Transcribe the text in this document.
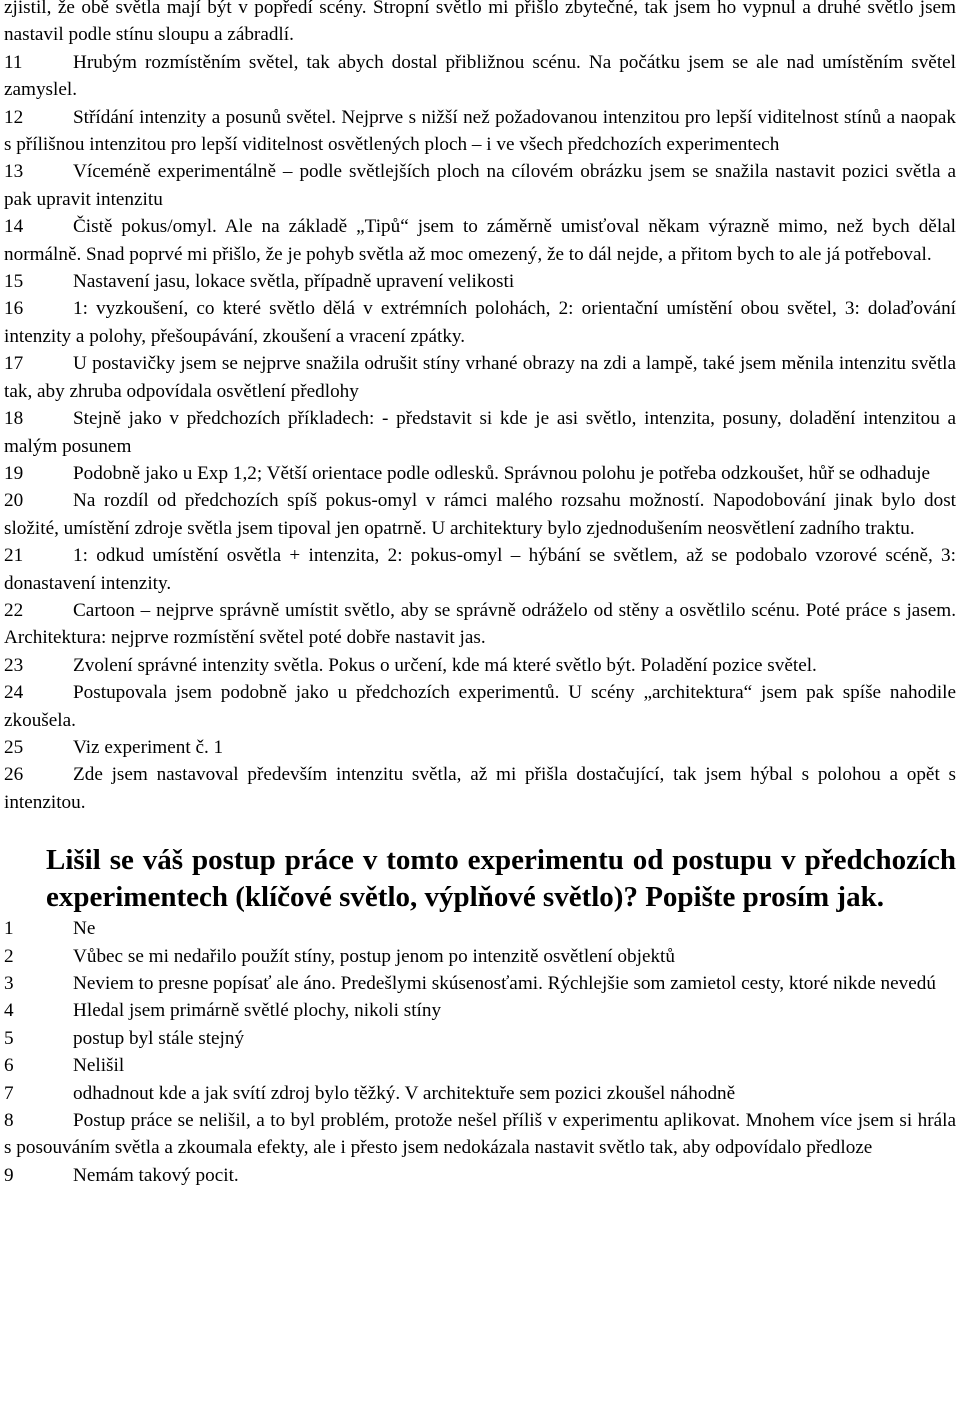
zjistil, že obě světla mají být v popředí scény. Stropní světlo mi přišlo zbytečné, tak jsem ho vypnul a druhé světlo jsem nastavil podle stínu sloupu a zábradlí.

11	Hrubým rozmístěním světel, tak abych dostal přibližnou scénu. Na počátku jsem se ale nad umístěním světel zamyslel.

12	Střídání intenzity a posunů světel. Nejprve s nižší než požadovanou intenzitou pro lepší viditelnost stínů a naopak s přílišnou intenzitou pro lepší viditelnost osvětlených ploch – i ve všech předchozích experimentech

13	Víceméně experimentálně – podle světlejších ploch na cílovém obrázku jsem se snažila nastavit pozici světla a pak upravit intenzitu

14	Čistě pokus/omyl. Ale na základě „Tipů“ jsem to záměrně umisťoval někam výrazně mimo, než bych dělal normálně. Snad poprvé mi přišlo, že je pohyb světla až moc omezený, že to dál nejde, a přitom bych to ale já potřeboval.

15	Nastavení jasu, lokace světla, případně upravení velikosti

16	1: vyzkoušení, co které světlo dělá v extrémních polohách, 2: orientační umístění obou světel, 3: dolaďování intenzity a polohy, přešoupávání, zkoušení a vracení zpátky.

17	U postavičky jsem se nejprve snažila odrušit stíny vrhané obrazy na zdi a lampě, také jsem měnila intenzitu světla tak, aby zhruba odpovídala osvětlení předlohy

18	Stejně jako v předchozích příkladech: - představit si kde je asi světlo, intenzita, posuny, doladění intenzitou a malým posunem

19	Podobně jako u Exp 1,2; Větší orientace podle odlesků. Správnou polohu je potřeba odzkoušet, hůř se odhaduje

20	Na rozdíl od předchozích spíš pokus-omyl v rámci malého rozsahu možností. Napodobování jinak bylo dost složité, umístění zdroje světla jsem tipoval jen opatrně. U architektury bylo zjednodušením neosvětlení zadního traktu.

21	1: odkud umístění osvětla + intenzita, 2: pokus-omyl – hýbání se světlem, až se podobalo vzorové scéně, 3: donastavení intenzity.

22	Cartoon – nejprve správně umístit světlo, aby se správně odráželo od stěny a osvětlilo scénu. Poté práce s jasem. Architektura: nejprve rozmístění světel poté dobře nastavit jas.

23	Zvolení správné intenzity světla. Pokus o určení, kde má které světlo být. Poladění pozice světel.

24	Postupovala jsem podobně jako u předchozích experimentů. U scény „architektura“ jsem pak spíše nahodile zkoušela.

25	Viz experiment č. 1

26	Zde jsem nastavoval především intenzitu světla, až mi přišla dostačující, tak jsem hýbal s polohou a opět s intenzitou.

Lišil se váš postup práce v tomto experimentu od postupu v předchozích experimentech (klíčové světlo, výplňové světlo)? Popište prosím jak.

1	Ne

2	Vůbec se mi nedařilo použít stíny, postup jenom po intenzitě osvětlení objektů

3	Neviem to presne popísať ale áno. Predešlymi skúsenosťami. Rýchlejšie som zamietol cesty, ktoré nikde nevedú

4	Hledal jsem primárně světlé plochy, nikoli stíny

5	postup byl stále stejný

6	Nelišil

7	odhadnout kde a jak svítí zdroj bylo těžký. V architektuře sem pozici zkoušel náhodně

8	Postup práce se nelišil, a to byl problém, protože nešel příliš v experimentu aplikovat. Mnohem více jsem si hrála s posouváním světla a zkoumala efekty, ale i přesto jsem nedokázala nastavit světlo tak, aby odpovídalo předloze

9	Nemám takový pocit.
